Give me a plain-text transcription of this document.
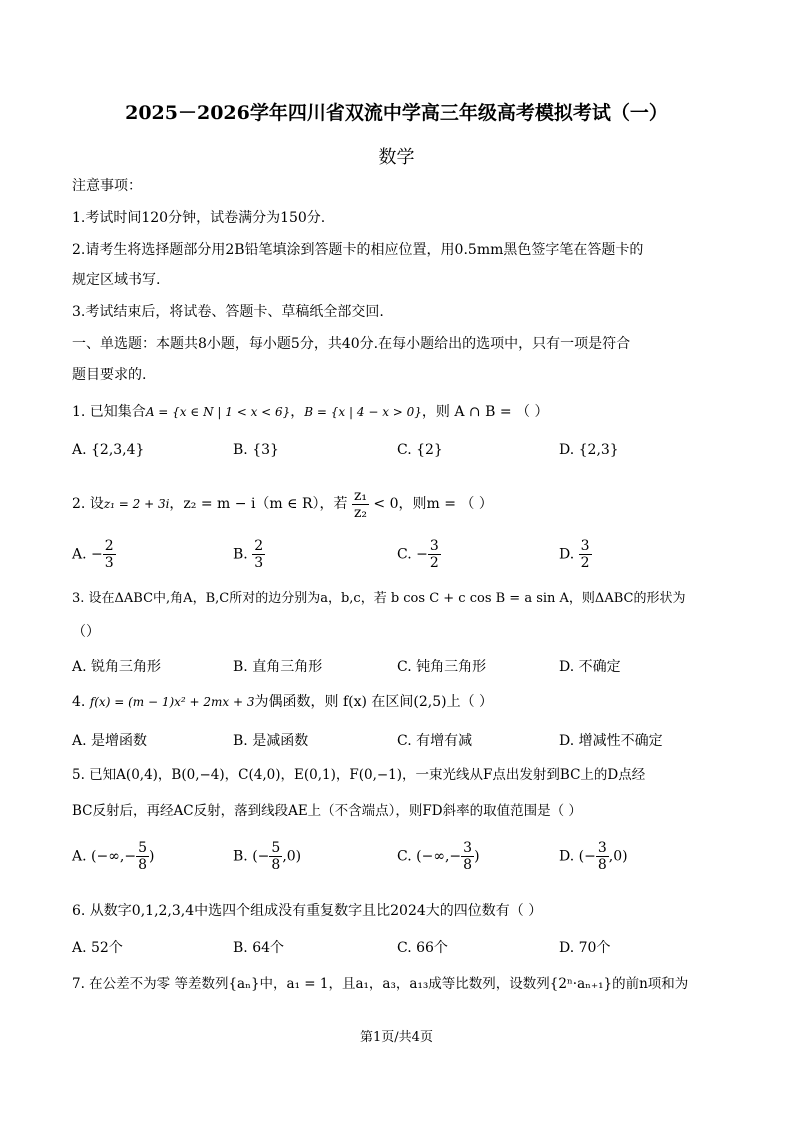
2025－2026学年四川省双流中学高三年级高考模拟考试（一）
数学
注意事项：
1.考试时间120分钟，试卷满分为150分.
2.请考生将选择题部分用2B铅笔填涂到答题卡的相应位置，用0.5mm黑色签字笔在答题卡的
规定区域书写.
3.考试结束后，将试卷、答题卡、草稿纸全部交回.
一、单选题：本题共8小题，每小题5分，共40分.在每小题给出的选项中，只有一项是符合
题目要求的.
1. 已知集合A = {x ∈ N | 1 < x < 6}，B = {x | 4 − x > 0}，则 A ∩ B = （ ）
A. {2,3,4}	B. {3}	C. {2}	D. {2,3}
2. 设z₁ = 2 + 3i，z₂ = m − i（m ∈ R），若 $\frac{\text{z₁}}{\text{z₂}} < 0$，则m = （ ）
A. − $\frac{2}{3}$	B. $\frac{2}{3}$	C. − $\frac{3}{2}$	D. $\frac{3}{2}$
3. 设在ΔABC中,角A，B,C所对的边分别为a，b,c，若 b cos C + c cos B = a sin A，则ΔABC的形状为
（）
A. 锐角三角形	B. 直角三角形	C. 钝角三角形	D. 不确定
4. f(x) = (m − 1)x² + 2mx + 3为偶函数，则 f(x) 在区间(2,5)上（ ）
A. 是增函数	B. 是减函数	C. 有增有减	D. 增减性不确定
5. 已知A(0,4)，B(0,−4)，C(4,0)，E(0,1)，F(0,−1)，一束光线从F点出发射到BC上的D点经
BC反射后，再经AC反射，落到线段AE上（不含端点），则FD斜率的取值范围是（ ）
A. (−∞,− $\frac{5}{8}$ )	B. (− $\frac{5}{8} ,0$)	C. (−∞,− $\frac{3}{8}$ )	D. (− $\frac{3}{8} ,0$)
6. 从数字0,1,2,3,4中选四个组成没有重复数字且比2024大的四位数有（ ）
A. 52个	B. 64个	C. 66个	D. 70个
7. 在公差不为零 等差数列{aₙ}中，a₁ = 1，且a₁，a₃，a₁₃成等比数列，设数列{2ⁿ·aₙ₊₁}的前n项和为
第1页/共4页
